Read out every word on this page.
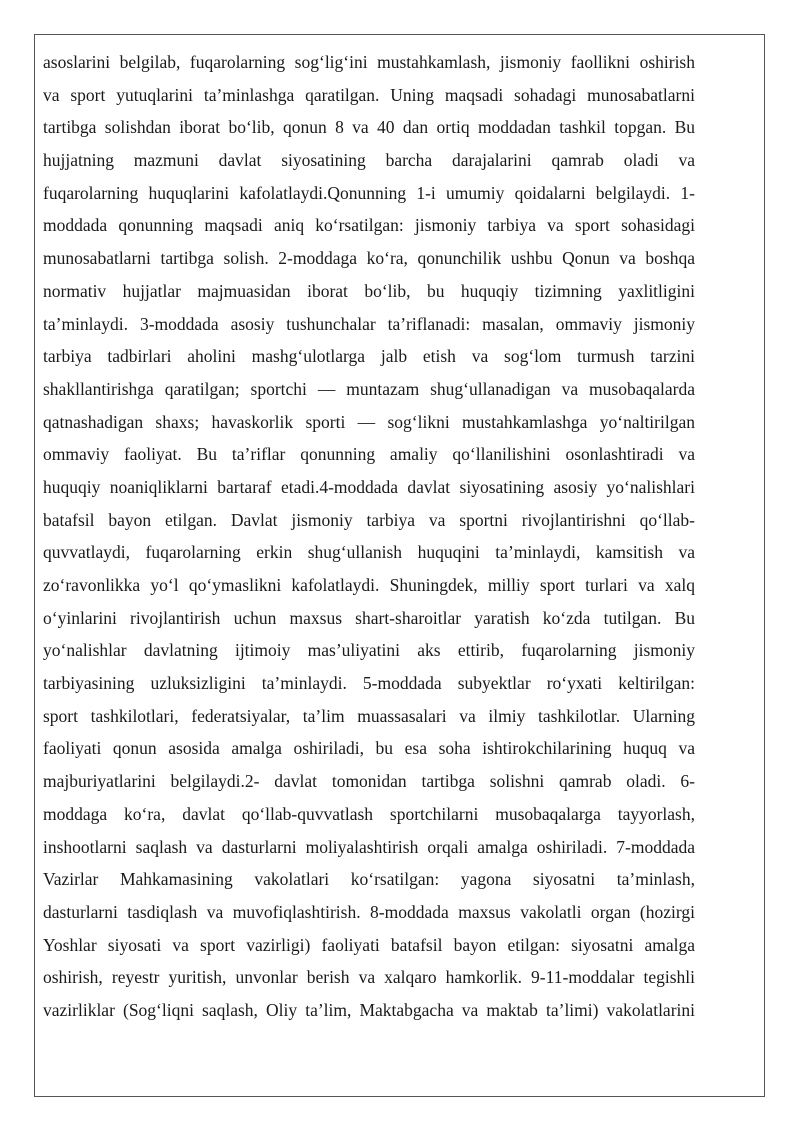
asoslarini belgilab, fuqarolarning sog‘lig‘ini mustahkamlash, jismoniy faollikni oshirish
va sport yutuqlarini ta’minlashga qaratilgan. Uning maqsadi sohadagi munosabatlarni
tartibga solishdan iborat bo‘lib, qonun 8 va 40 dan ortiq moddadan tashkil topgan. Bu
hujjatning mazmuni davlat siyosatining barcha darajalarini qamrab oladi va
fuqarolarning huquqlarini kafolatlaydi.Qonunning 1-i umumiy qoidalarni belgilaydi. 1-
moddada qonunning maqsadi aniq ko‘rsatilgan: jismoniy tarbiya va sport sohasidagi
munosabatlarni tartibga solish. 2-moddaga ko‘ra, qonunchilik ushbu Qonun va boshqa
normativ hujjatlar majmuasidan iborat bo‘lib, bu huquqiy tizimning yaxlitligini
ta’minlaydi. 3-moddada asosiy tushunchalar ta’riflanadi: masalan, ommaviy jismoniy
tarbiya tadbirlari aholini mashg‘ulotlarga jalb etish va sog‘lom turmush tarzini
shakllantirishga qaratilgan; sportchi — muntazam shug‘ullanadigan va musobaqalarda
qatnashadigan shaxs; havaskorlik sporti — sog‘likni mustahkamlashga yo‘naltirilgan
ommaviy faoliyat. Bu ta’riflar qonunning amaliy qo‘llanilishini osonlashtiradi va
huquqiy noaniqliklarni bartaraf etadi.4-moddada davlat siyosatining asosiy yo‘nalishlari
batafsil bayon etilgan. Davlat jismoniy tarbiya va sportni rivojlantirishni qo‘llab-
quvvatlaydi, fuqarolarning erkin shug‘ullanish huquqini ta’minlaydi, kamsitish va
zo‘ravonlikka yo‘l qo‘ymaslikni kafolatlaydi. Shuningdek, milliy sport turlari va xalq
o‘yinlarini rivojlantirish uchun maxsus shart-sharoitlar yaratish ko‘zda tutilgan. Bu
yo‘nalishlar davlatning ijtimoiy mas’uliyatini aks ettirib, fuqarolarning jismoniy
tarbiyasining uzluksizligini ta’minlaydi. 5-moddada subyektlar ro‘yxati keltirilgan:
sport tashkilotlari, federatsiyalar, ta’lim muassasalari va ilmiy tashkilotlar. Ularning
faoliyati qonun asosida amalga oshiriladi, bu esa soha ishtirokchilarining huquq va
majburiyatlarini belgilaydi.2- davlat tomonidan tartibga solishni qamrab oladi. 6-
moddaga ko‘ra, davlat qo‘llab-quvvatlash sportchilarni musobaqalarga tayyorlash,
inshootlarni saqlash va dasturlarni moliyalashtirish orqali amalga oshiriladi. 7-moddada
Vazirlar Mahkamasining vakolatlari ko‘rsatilgan: yagona siyosatni ta’minlash,
dasturlarni tasdiqlash va muvofiqlashtirish. 8-moddada maxsus vakolatli organ (hozirgi
Yoshlar siyosati va sport vazirligi) faoliyati batafsil bayon etilgan: siyosatni amalga
oshirish, reyestr yuritish, unvonlar berish va xalqaro hamkorlik. 9-11-moddalar tegishli
vazirliklar (Sog‘liqni saqlash, Oliy ta’lim, Maktabgacha va maktab ta’limi) vakolatlarini
